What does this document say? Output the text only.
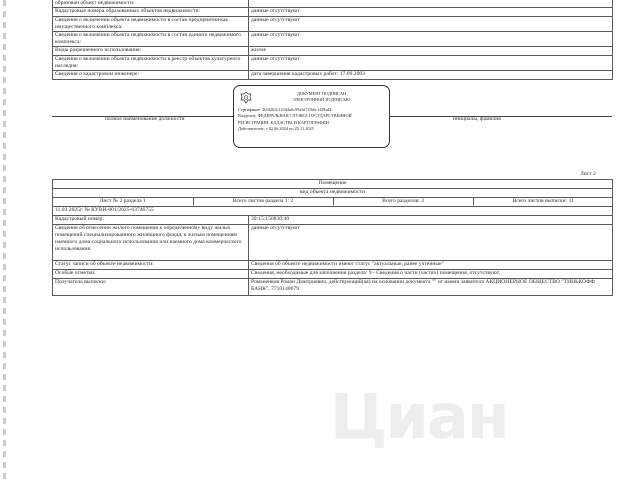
образован объект недвижимости:	
Кадастровые номера образованных объектов недвижимости:	данные отсутствуют
Сведения о включении объекта недвижимости в состав предприятия как имущественного комплекса:	данные отсутствуют
Сведения о включении объекта недвижимости в состав единого недвижимого комплекса:	данные отсутствуют
Виды разрешенного использования:	жилое
Сведения о включении объекта недвижимости в реестр объектов культурного наследия:	данные отсутствуют
Сведения о кадастровом инженере:	дата завершения кадастровых работ: 17.09.2003
ДОКУМЕНТ ПОДПИСАН
ЭЛЕКТРОННОЙ ПОДПИСЬЮ
Сертификат: 2b9f2b3c123d4a6c99a5e7f1b6c14f9ad2
Владелец: ФЕДЕРАЛЬНАЯ СЛУЖБА ГОСУДАРСТВЕННОЙ
РЕГИСТРАЦИИ, КАДАСТРА И КАРТОГРАФИИ
Действителен: с 02.06.2024 по 25.11.2025
полное наименование должности	инициалы, фамилия
Лист 2
Помещение
вид объекта недвижимости

Лист № 2 раздела 1	Всего листов раздела 1: 2	Всего разделов: 3	Всего листов выписки: 11

11.03.2025г. № КУВИ-001/2025-63746755
Кадастровый номер:	39:15:150836:40
Сведения об отнесении жилого помещения к определенному виду жилых помещений специализированного жилищного фонда, к жилым помещениям наемного дома социального использования или наемного дома коммерческого использования:	данные отсутствуют
Статус записи об объекте недвижимости:	Сведения об объекте недвижимости имеют статус "актуальные, ранее учтенные"
Особые отметки:	Сведения, необходимые для заполнения раздела: 9 - Сведения о части (частях) помещения, отсутствуют.
Получатель выписки:	Романенков Роман Дмитриевич, действующий(ая) на основании документа "" от имени заявителя АКЦИОНЕРНОЕ ОБЩЕСТВО "ТИНЬКОФФ БАНК", 7710140679
Циан
